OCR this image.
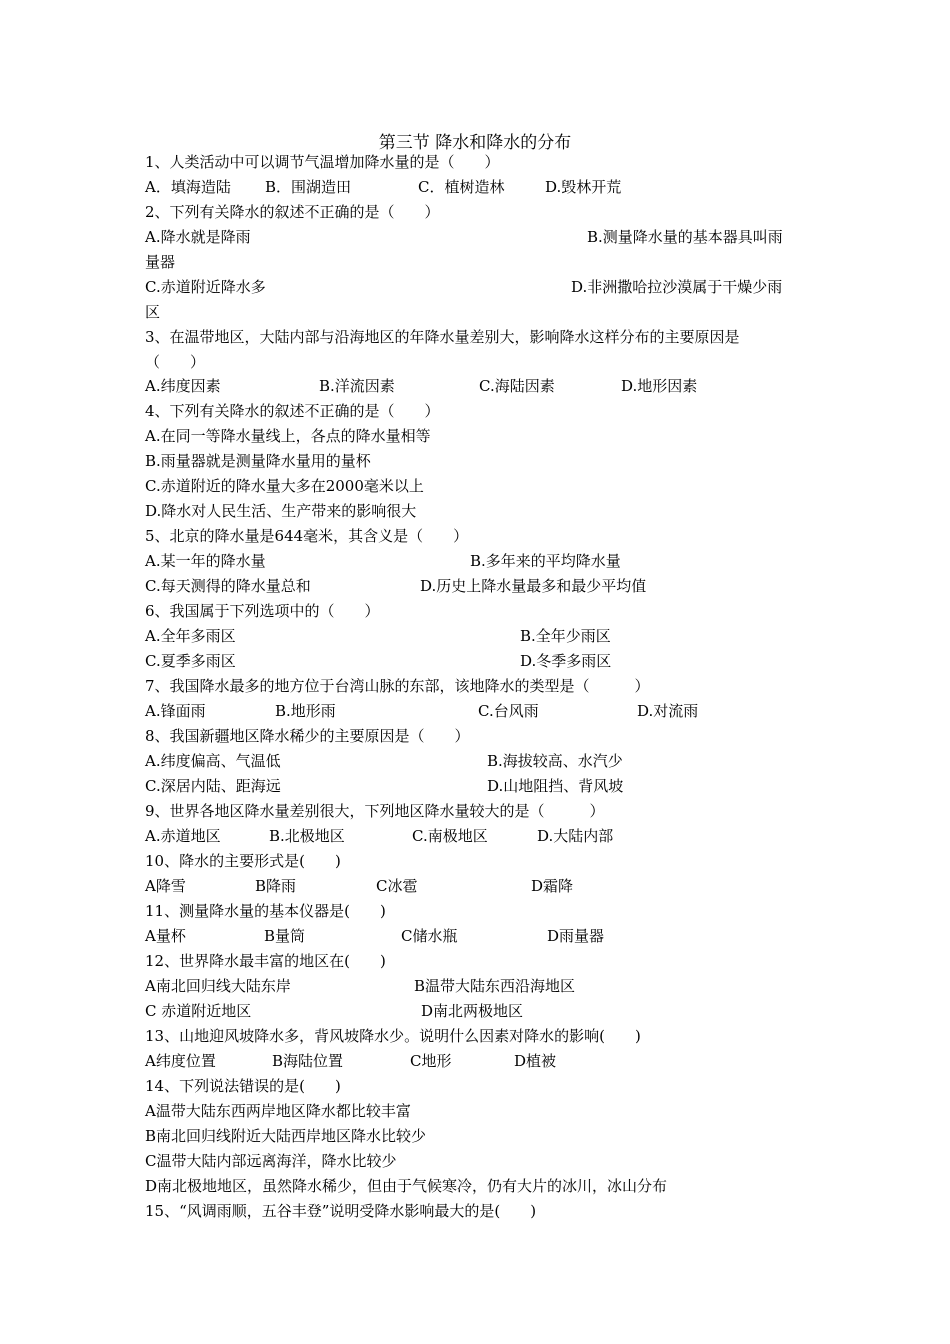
第三节 降水和降水的分布
1、人类活动中可以调节气温增加降水量的是（　　）
A．填海造陆 B．围湖造田	C．植树造林	D.毁林开荒
2、下列有关降水的叙述不正确的是（　　）
A.降水就是降雨	B.测量降水量的基本器具叫雨
量器
C.赤道附近降水多	D.非洲撒哈拉沙漠属于干燥少雨
区
3、在温带地区，大陆内部与沿海地区的年降水量差别大，影响降水这样分布的主要原因是
（　　）
A.纬度因素	B.洋流因素	C.海陆因素	D.地形因素
4、下列有关降水的叙述不正确的是（　　）
A.在同一等降水量线上，各点的降水量相等
B.雨量器就是测量降水量用的量杯
C.赤道附近的降水量大多在2000毫米以上
D.降水对人民生活、生产带来的影响很大
5、北京的降水量是644毫米，其含义是（　　）
A.某一年的降水量	B.多年来的平均降水量
C.每天测得的降水量总和	D.历史上降水量最多和最少平均值
6、我国属于下列选项中的（　　）
A.全年多雨区	B.全年少雨区
C.夏季多雨区	D.冬季多雨区
7、我国降水最多的地方位于台湾山脉的东部，该地降水的类型是（　　　）
A.锋面雨	B.地形雨	C.台风雨	D.对流雨
8、我国新疆地区降水稀少的主要原因是（　　）
A.纬度偏高、气温低	B.海拔较高、水汽少
C.深居内陆、距海远	D.山地阻挡、背风坡
9、世界各地区降水量差别很大，下列地区降水量较大的是（　　　）
A.赤道地区	B.北极地区	C.南极地区	D.大陆内部
10、降水的主要形式是(　　)
A降雪	B降雨	C冰雹	D霜降
11、测量降水量的基本仪器是(　　)
A量杯	B量筒	C储水瓶	D雨量器
12、世界降水最丰富的地区在(　　)
A南北回归线大陆东岸	B温带大陆东西沿海地区
C 赤道附近地区	D南北两极地区
13、山地迎风坡降水多，背风坡降水少。说明什么因素对降水的影响(　　)
A纬度位置	B海陆位置	C地形	D植被
14、下列说法错误的是(　　)
A温带大陆东西两岸地区降水都比较丰富
B南北回归线附近大陆西岸地区降水比较少
C温带大陆内部远离海洋，降水比较少
D南北极地地区，虽然降水稀少，但由于气候寒冷，仍有大片的冰川，冰山分布
15、“风调雨顺，五谷丰登”说明受降水影响最大的是(　　)
